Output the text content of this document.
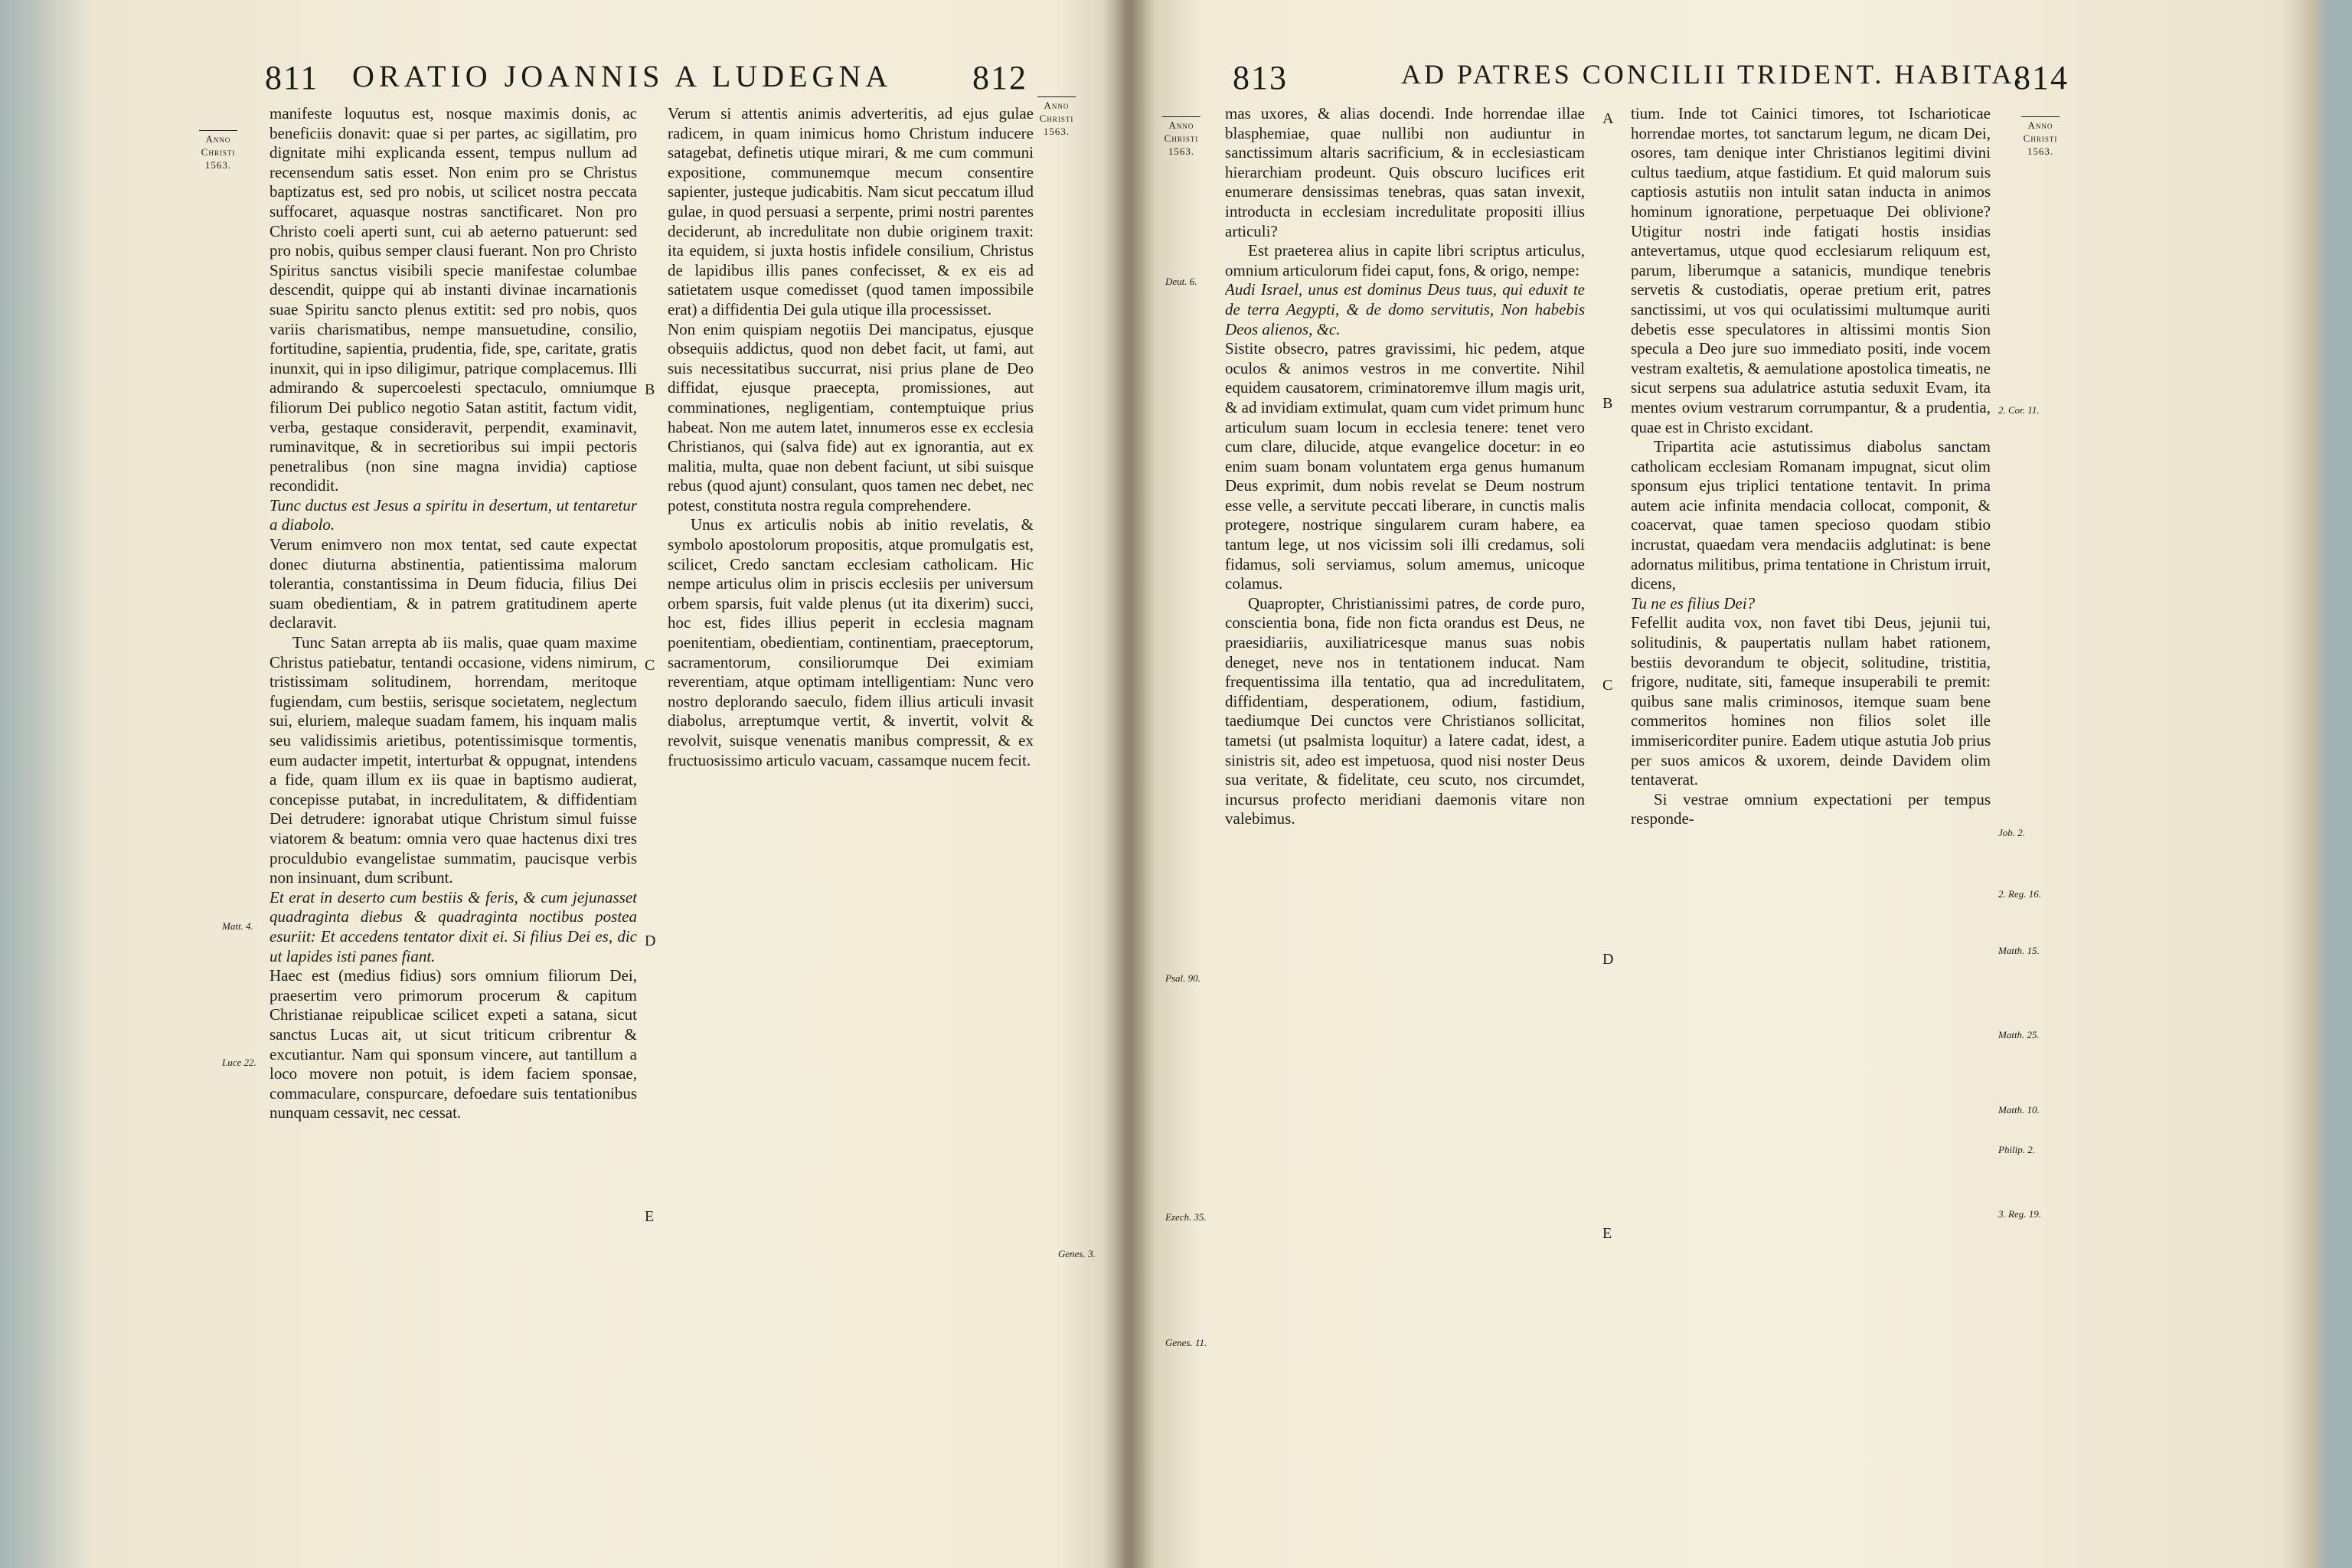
811 ORATIO JOANNIS A LUDEGNA 812
Anno
Christi
1563.
Anno
Christi
1563.

manifeste loquutus est, nosque maximis donis, ac beneficiis donavit: quae si per partes, ac sigillatim, pro dignitate mihi explicanda essent, tempus nullum ad recensendum satis esset. Non enim pro se Christus baptizatus est, sed pro nobis, ut scilicet nostra peccata suffocaret, aquasque nostras sanctificaret. Non pro Christo coeli aperti sunt, cui ab aeterno patuerunt: sed pro nobis, quibus semper clausi fuerant. Non pro Christo Spiritus sanctus visibili specie manifestae columbae descendit, quippe qui ab instanti divinae incarnationis suae Spiritu sancto plenus extitit: sed pro nobis, quos variis charismatibus, nempe mansuetudine, consilio, fortitudine, sapientia, prudentia, fide, spe, caritate, gratis inunxit, qui in ipso diligimur, patrique complacemus. Illi admirando & supercoelesti spectaculo, omniumque filiorum Dei publico negotio Satan astitit, factum vidit, verba, gestaque consideravit, perpendit, examinavit, ruminavitque, & in secretioribus sui impii pectoris penetralibus (non sine magna invidia) captiose recondidit.

Tunc ductus est Jesus a spiritu in desertum, ut tentaretur a diabolo.

Verum enimvero non mox tentat, sed caute expectat donec diuturna abstinentia, patientissima malorum tolerantia, constantissima in Deum fiducia, filius Dei suam obedientiam, & in patrem gratitudinem aperte declaravit.

Tunc Satan arrepta ab iis malis, quae quam maxime Christus patiebatur, tentandi occasione, videns nimirum, tristissimam solitudinem, horrendam, meritoque fugiendam, cum bestiis, serisque societatem, neglectum sui, eluriem, maleque suadam famem, his inquam malis seu validissimis arietibus, potentissimisque tormentis, eum audacter impetit, interturbat & oppugnat, intendens a fide, quam illum ex iis quae in baptismo audierat, concepisse putabat, in incredulitatem, & diffidentiam Dei detrudere: ignorabat utique Christum simul fuisse viatorem & beatum: omnia vero quae hactenus dixi tres proculdubio evangelistae summatim, paucisque verbis non insinuant, dum scribunt.

Et erat in deserto cum bestiis & feris, & cum jejunasset quadraginta diebus & quadraginta noctibus postea esuriit: Et accedens tentator dixit ei. Si filius Dei es, dic ut lapides isti panes fiant.

Haec est (medius fidius) sors omnium filiorum Dei, praesertim vero primorum procerum & capitum Christianae reipublicae scilicet expeti a satana, sicut sanctus Lucas ait, ut sicut triticum cribrentur & excutiantur. Nam qui sponsum vincere, aut tantillum a loco movere non potuit, is idem faciem sponsae, commaculare, conspurcare, defoedare suis tentationibus nunquam cessavit, nec cessat.

Verum si attentis animis adverteritis, ad ejus gulae radicem, in quam inimicus homo Christum inducere satagebat, definetis utique mirari, & me cum communi expositione, communemque mecum consentire sapienter, justeque judicabitis. Nam sicut peccatum illud gulae, in quod persuasi a serpente, primi nostri parentes deciderunt, ab incredulitate non dubie originem traxit: ita equidem, si juxta hostis infidele consilium, Christus de lapidibus illis panes confecisset, & ex eis ad satietatem usque comedisset (quod tamen impossibile erat) a diffidentia Dei gula utique illa processisset.

Non enim quispiam negotiis Dei mancipatus, ejusque obsequiis addictus, quod non debet facit, ut fami, aut suis necessitatibus succurrat, nisi prius plane de Deo diffidat, ejusque praecepta, promissiones, aut comminationes, negligentiam, contemptuique prius habeat. Non me autem latet, innumeros esse ex ecclesia Christianos, qui (salva fide) aut ex ignorantia, aut ex malitia, multa, quae non debent faciunt, ut sibi suisque rebus (quod ajunt) consulant, quos tamen nec debet, nec potest, constituta nostra regula comprehendere.

Unus ex articulis nobis ab initio revelatis, & symbolo apostolorum propositis, atque promulgatis est, scilicet, Credo sanctam ecclesiam catholicam. Hic nempe articulus olim in priscis ecclesiis per universum orbem sparsis, fuit valde plenus (ut ita dixerim) succi, hoc est, fides illius peperit in ecclesia magnam poenitentiam, obedientiam, continentiam, praeceptorum, sacramentorum, consiliorumque Dei eximiam reverentiam, atque optimam intelligentiam: Nunc vero nostro deplorando saeculo, fidem illius articuli invasit diabolus, arreptumque vertit, & invertit, volvit & revolvit, suisque venenatis manibus compressit, & ex fructuosissimo articulo vacuam, cassamque nucem fecit.

B
C
D
E
Matt. 4.
Luce 22.
Genes. 3.
813	AD PATRES CONCILII TRIDENT. HABITA.
814
Anno
Christi
1563.
Anno
Christi
1563.

mas uxores, & alias docendi. Inde horrendae illae blasphemiae, quae nullibi non audiuntur in sanctissimum altaris sacrificium, & in ecclesiasticam hierarchiam prodeunt. Quis obscuro lucifices erit enumerare densissimas tenebras, quas satan invexit, introducta in ecclesiam incredulitate propositi illius articuli?

Est praeterea alius in capite libri scriptus articulus, omnium articulorum fidei caput, fons, & origo, nempe:

Audi Israel, unus est dominus Deus tuus, qui eduxit te de terra Aegypti, & de domo servitutis, Non habebis Deos alienos, &c.

Sistite obsecro, patres gravissimi, hic pedem, atque oculos & animos vestros in me convertite. Nihil equidem causatorem, criminatoremve illum magis urit, & ad invidiam extimulat, quam cum videt primum hunc articulum suam locum in ecclesia tenere: tenet vero cum clare, dilucide, atque evangelice docetur: in eo enim suam bonam voluntatem erga genus humanum Deus exprimit, dum nobis revelat se Deum nostrum esse velle, a servitute peccati liberare, in cunctis malis protegere, nostrique singularem curam habere, ea tantum lege, ut nos vicissim soli illi credamus, soli fidamus, soli serviamus, solum amemus, unicoque colamus.

Quapropter, Christianissimi patres, de corde puro, conscientia bona, fide non ficta orandus est Deus, ne praesidiariis, auxiliatricesque manus suas nobis deneget, neve nos in tentationem inducat. Nam frequentissima illa tentatio, qua ad incredulitatem, diffidentiam, desperationem, odium, fastidium, taediumque Dei cunctos vere Christianos sollicitat, tametsi (ut psalmista loquitur) a latere cadat, idest, a sinistris sit, adeo est impetuosa, quod nisi noster Deus sua veritate, & fidelitate, ceu scuto, nos circumdet, incursus profecto meridiani daemonis vitare non valebimus.

tium. Inde tot Cainici timores, tot Ischarioticae horrendae mortes, tot sanctarum legum, ne dicam Dei, osores, tam denique inter Christianos legitimi divini cultus taedium, atque fastidium. Et quid malorum suis captiosis astutiis non intulit satan inducta in animos hominum ignoratione, perpetuaque Dei oblivione? Utigitur nostri inde fatigati hostis insidias antevertamus, utque quod ecclesiarum reliquum est, parum, liberumque a satanicis, mundique tenebris servetis & custodiatis, operae pretium erit, patres sanctissimi, ut vos qui oculatissimi multumque auriti debetis esse speculatores in altissimi montis Sion specula a Deo jure suo immediato positi, inde vocem vestram exaltetis, & aemulatione apostolica timeatis, ne sicut serpens sua adulatrice astutia seduxit Evam, ita mentes ovium vestrarum corrumpantur, & a prudentia, quae est in Christo excidant.

Tripartita acie astutissimus diabolus sanctam catholicam ecclesiam Romanam impugnat, sicut olim sponsum ejus triplici tentatione tentavit. In prima autem acie infinita mendacia collocat, componit, & coacervat, quae tamen specioso quodam stibio incrustat, quaedam vera mendaciis adglutinat: is bene adornatus militibus, prima tentatione in Christum irruit, dicens,

Tu ne es filius Dei?

Fefellit audita vox, non favet tibi Deus, jejunii tui, solitudinis, & paupertatis nullam habet rationem, bestiis devorandum te objecit, solitudine, tristitia, frigore, nuditate, siti, fameque insuperabili te premit: quibus sane malis criminosos, itemque suam bene commeritos homines non filios solet ille immisericorditer punire. Eadem utique astutia Job prius per suos amicos & uxorem, deinde Davidem olim tentaverat.

Si vestrae omnium expectationi per tempus responde-

A
B
C
D
E
Deut. 6.
Psal. 90.
Ezech. 35.
Genes. 11.
2. Cor. 11.
Job. 2.
2. Reg. 16.
Matth. 15.
Matth. 25.
Matth. 10.
Philip. 2.
3. Reg. 19.
